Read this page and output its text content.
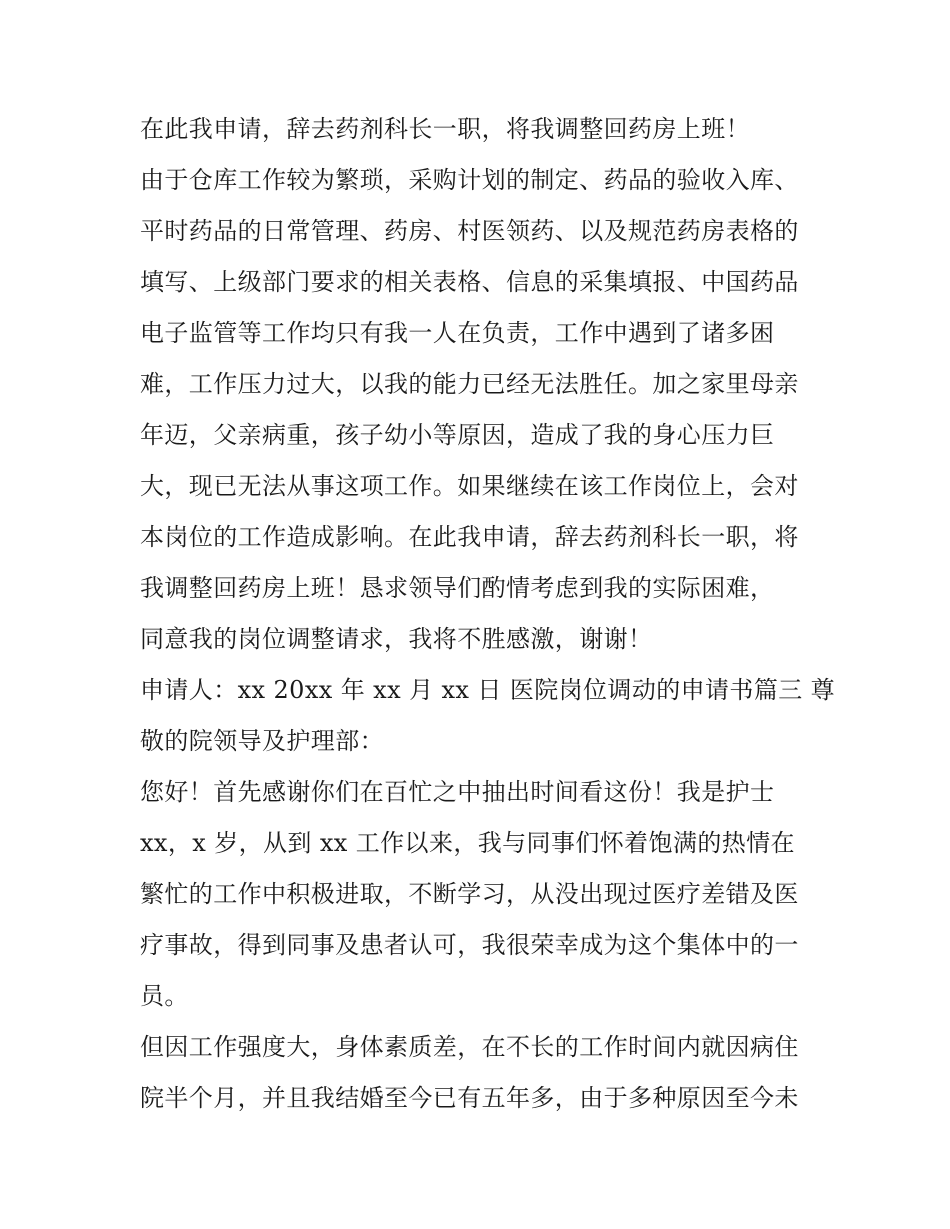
在此我申请，辞去药剂科长一职，将我调整回药房上班！
由于仓库工作较为繁琐，采购计划的制定、药品的验收入库、
平时药品的日常管理、药房、村医领药、以及规范药房表格的
填写、上级部门要求的相关表格、信息的采集填报、中国药品
电子监管等工作均只有我一人在负责，工作中遇到了诸多困
难，工作压力过大，以我的能力已经无法胜任。加之家里母亲
年迈，父亲病重，孩子幼小等原因，造成了我的身心压力巨
大，现已无法从事这项工作。如果继续在该工作岗位上，会对
本岗位的工作造成影响。在此我申请，辞去药剂科长一职，将
我调整回药房上班！恳求领导们酌情考虑到我的实际困难，
同意我的岗位调整请求，我将不胜感激，谢谢！
申请人：xx 20xx 年 xx 月 xx 日 医院岗位调动的申请书篇三 尊
敬的院领导及护理部：
您好！首先感谢你们在百忙之中抽出时间看这份！我是护士
xx，x 岁，从到 xx 工作以来，我与同事们怀着饱满的热情在
繁忙的工作中积极进取，不断学习，从没出现过医疗差错及医
疗事故，得到同事及患者认可，我很荣幸成为这个集体中的一
员。
但因工作强度大，身体素质差，在不长的工作时间内就因病住
院半个月，并且我结婚至今已有五年多，由于多种原因至今未
